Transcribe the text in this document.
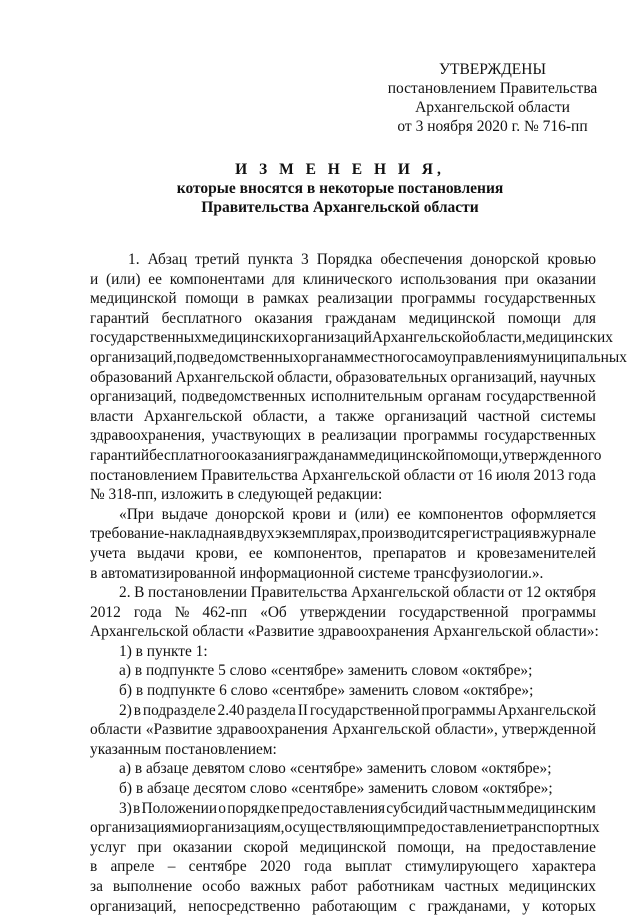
УТВЕРЖДЕНЫ
постановлением Правительства
Архангельской области
от 3 ноября 2020 г. № 716-пп
И З М Е Н Е Н И Я,
которые вносятся в некоторые постановления
Правительства Архангельской области
1. Абзац третий пункта 3 Порядка обеспечения донорской кровью
и (или) ее компонентами для клинического использования при оказании
медицинской помощи в рамках реализации программы государственных
гарантий бесплатного оказания гражданам медицинской помощи для
государственных медицинских организаций Архангельской области, медицинских
организаций, подведомственных органам местного самоуправления муниципальных
образований Архангельской области, образовательных организаций, научных
организаций, подведомственных исполнительным органам государственной
власти Архангельской области, а также организаций частной системы
здравоохранения, участвующих в реализации программы государственных
гарантий бесплатного оказания гражданам медицинской помощи, утвержденного
постановлением Правительства Архангельской области от 16 июля 2013 года
№ 318-пп, изложить в следующей редакции:
«При выдаче донорской крови и (или) ее компонентов оформляется
требование-накладная в двух экземплярах, производится регистрация в журнале
учета выдачи крови, ее компонентов, препаратов и кровезаменителей
в автоматизированной информационной системе трансфузиологии.».
2. В постановлении Правительства Архангельской области от 12 октября
2012 года № 462-пп «Об утверждении государственной программы
Архангельской области «Развитие здравоохранения Архангельской области»:
1) в пункте 1:
а) в подпункте 5 слово «сентябре» заменить словом «октябре»;
б) в подпункте 6 слово «сентябре» заменить словом «октябре»;
2) в подразделе 2.40 раздела II государственной программы Архангельской
области «Развитие здравоохранения Архангельской области», утвержденной
указанным постановлением:
а) в абзаце девятом слово «сентябре» заменить словом «октябре»;
б) в абзаце десятом слово «сентябре» заменить словом «октябре»;
3) в Положении о порядке предоставления субсидий частным медицинским
организациям и организациям, осуществляющим предоставление транспортных
услуг при оказании скорой медицинской помощи, на предоставление
в апреле – сентябре 2020 года выплат стимулирующего характера
за выполнение особо важных работ работникам частных медицинских
организаций, непосредственно работающим с гражданами, у которых
